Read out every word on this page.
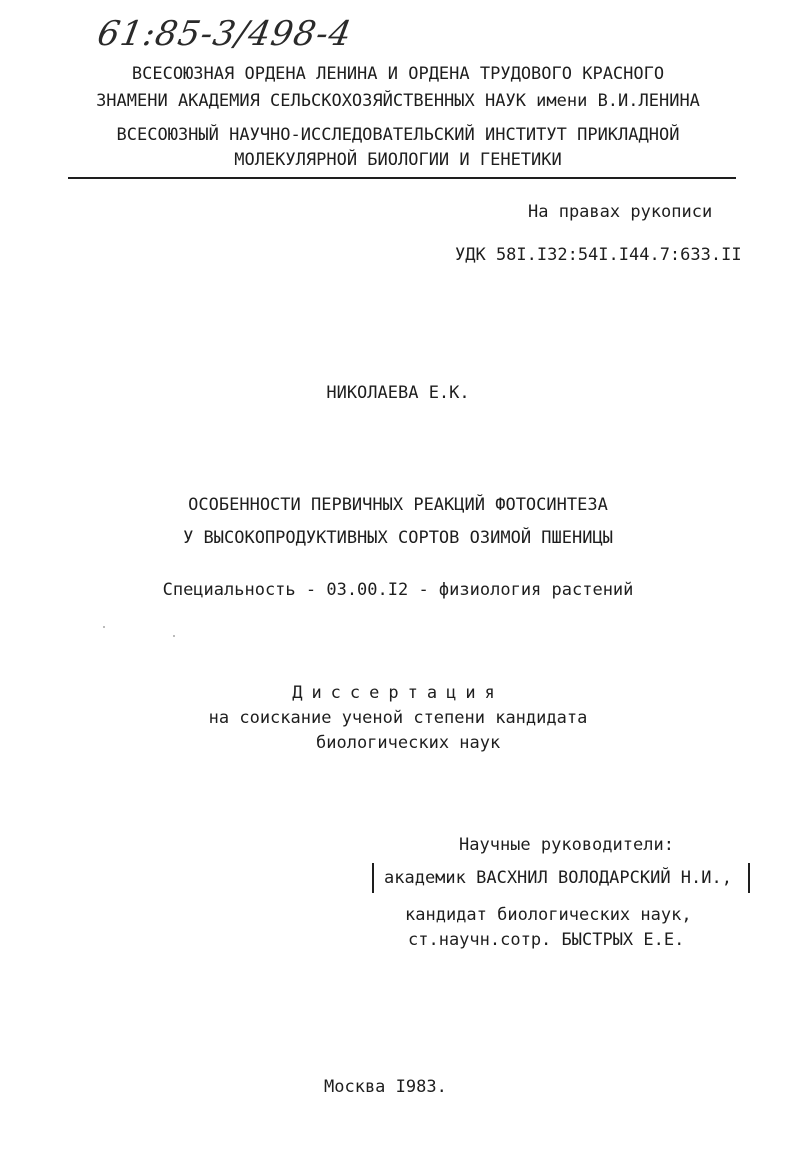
61:85-3/498-4
ВСЕСОЮЗНАЯ ОРДЕНА ЛЕНИНА И ОРДЕНА ТРУДОВОГО КРАСНОГО
ЗНАМЕНИ АКАДЕМИЯ СЕЛЬСКОХОЗЯЙСТВЕННЫХ НАУК имени В.И.ЛЕНИНА
ВСЕСОЮЗНЫЙ НАУЧНО-ИССЛЕДОВАТЕЛЬСКИЙ ИНСТИТУТ ПРИКЛАДНОЙ
МОЛЕКУЛЯРНОЙ БИОЛОГИИ И ГЕНЕТИКИ
На правах рукописи
УДК 58I.I32:54I.I44.7:633.II
НИКОЛАЕВА Е.К.
ОСОБЕННОСТИ ПЕРВИЧНЫХ РЕАКЦИЙ ФОТОСИНТЕЗА
У ВЫСОКОПРОДУКТИВНЫХ СОРТОВ ОЗИМОЙ ПШЕНИЦЫ
Специальность - 03.00.I2 - физиология растений
Диссертация
на соискание ученой степени кандидата
биологических наук
Научные руководители:
академик ВАСХНИЛ ВОЛОДАРСКИЙ Н.И.,
кандидат биологических наук,
ст.научн.сотр. БЫСТРЫХ Е.Е.
Москва I983.
